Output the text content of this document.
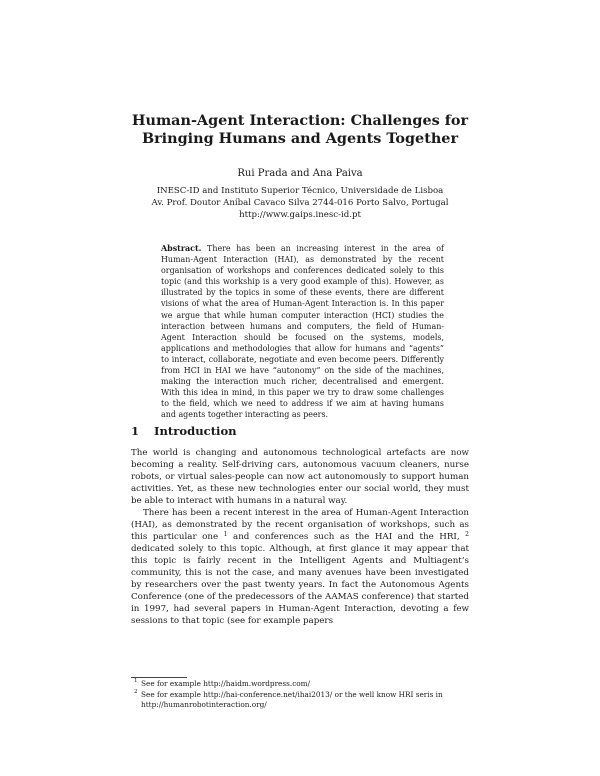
Human-Agent Interaction: Challenges for
Bringing Humans and Agents Together
Rui Prada and Ana Paiva
INESC-ID and Instituto Superior Técnico, Universidade de Lisboa
Av. Prof. Doutor Aníbal Cavaco Silva 2744-016 Porto Salvo, Portugal
http://www.gaips.inesc-id.pt
Abstract. There has been an increasing interest in the area of Human-Agent Interaction (HAI), as demonstrated by the recent organisation of workshops and conferences dedicated solely to this topic (and this workship is a very good example of this). However, as illustrated by the topics in some of these events, there are different visions of what the area of Human-Agent Interaction is. In this paper we argue that while human computer interaction (HCI) studies the interaction between humans and computers, the field of Human-Agent Interaction should be focused on the systems, models, applications and methodologies that allow for humans and “agents” to interact, collaborate, negotiate and even become peers. Differently from HCI in HAI we have “autonomy” on the side of the machines, making the interaction much richer, decentralised and emergent. With this idea in mind, in this paper we try to draw some challenges to the field, which we need to address if we aim at having humans and agents together interacting as peers.
1 Introduction
The world is changing and autonomous technological artefacts are now becoming a reality. Self-driving cars, autonomous vacuum cleaners, nurse robots, or virtual sales-people can now act autonomously to support human activities. Yet, as these new technologies enter our social world, they must be able to interact with humans in a natural way.
There has been a recent interest in the area of Human-Agent Interaction (HAI), as demonstrated by the recent organisation of workshops, such as this particular one $^1$ and conferences such as the HAI and the HRI, $^2$ dedicated solely to this topic. Although, at first glance it may appear that this topic is fairly recent in the Intelligent Agents and Multiagent’s community, this is not the case, and many avenues have been investigated by researchers over the past twenty years. In fact the Autonomous Agents Conference (one of the predecessors of the AAMAS conference) that started in 1997, had several papers in Human-Agent Interaction, devoting a few sessions to that topic (see for example papers
1 See for example http://haidm.wordpress.com/
2 See for example http://hai-conference.net/ihai2013/ or the well know HRI seris in http://humanrobotinteraction.org/
